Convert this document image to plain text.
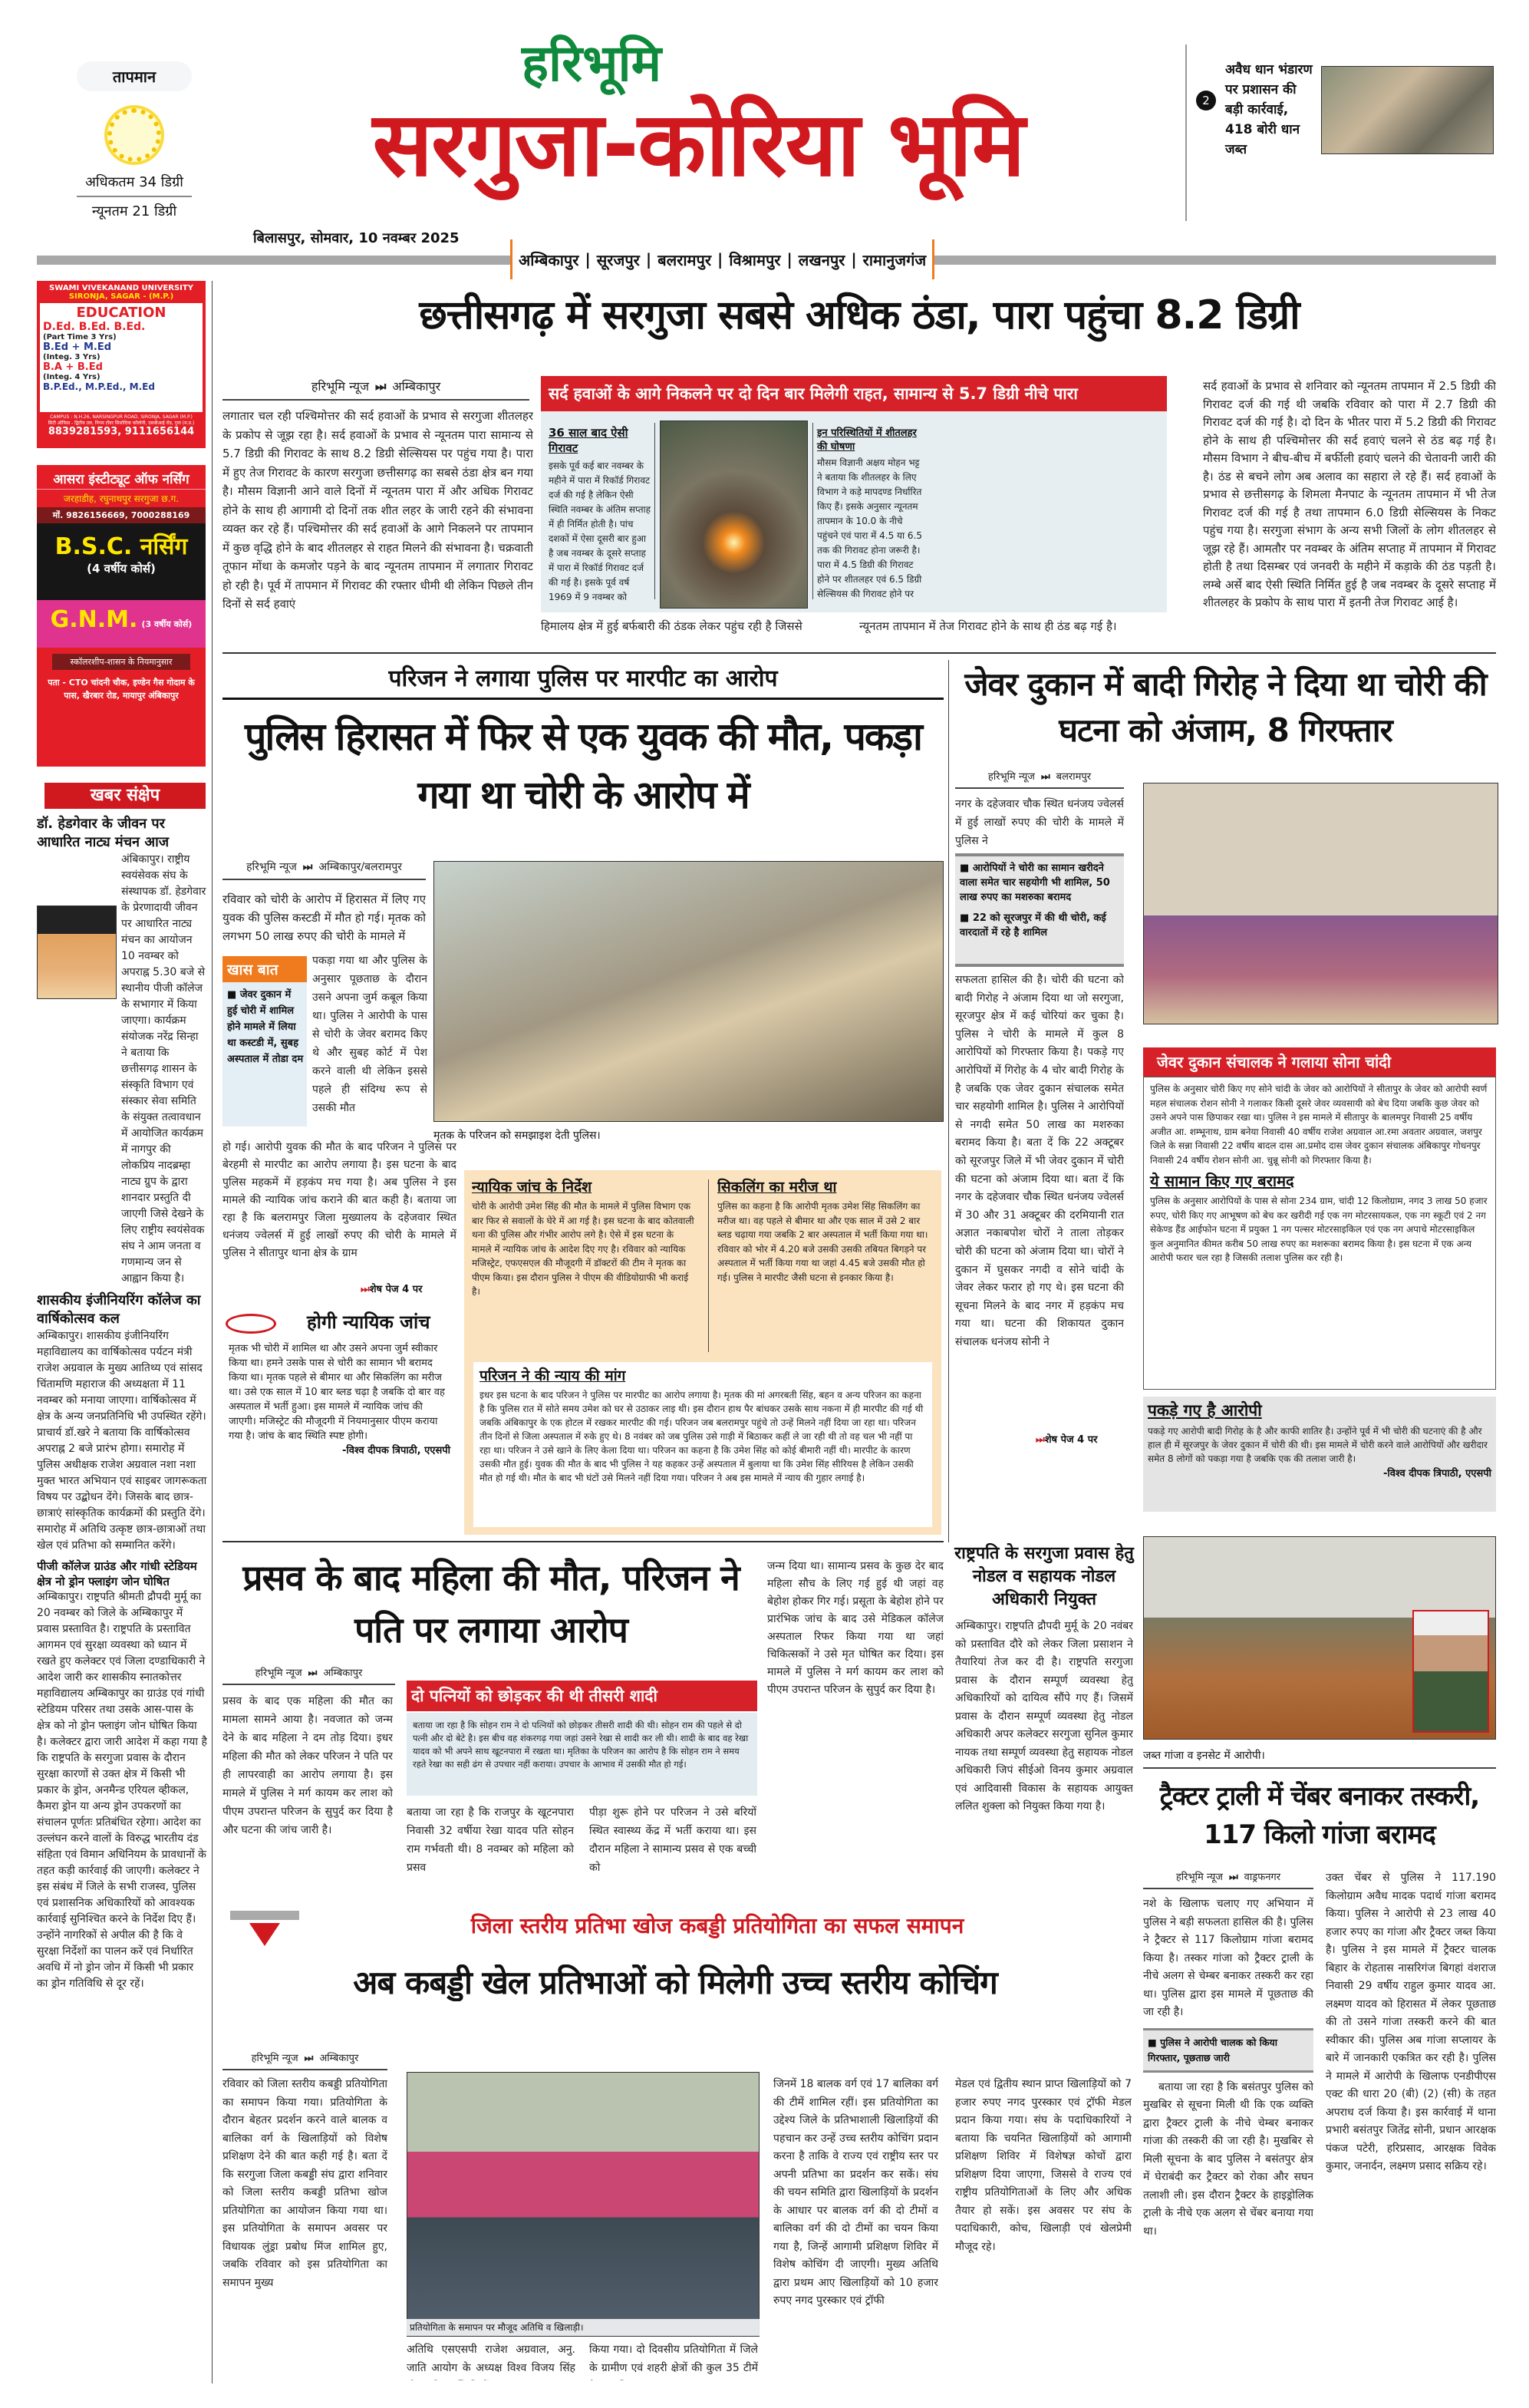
तापमान
अधिकतम 34 डिग्री
न्यूनतम 21 डिग्री
हरिभूमि
सरगुजा-कोरिया भूमि
बिलासपुर, सोमवार, 10 नवम्बर 2025
अम्बिकापुर | सूरजपुर | बलरामपुर | विश्रामपुर | लखनपुर | रामानुजगंज
2
अवैध धान भंडारण पर प्रशासन की बड़ी कार्रवाई, 418 बोरी धान जब्त
SWAMI VIVEKANAND UNIVERSITY
SIRONJA, SAGAR - (M.P.)
EDUCATION
D.Ed. B.Ed. B.Ed.
(Part Time 3 Yrs)
B.Ed + M.Ed
(Integ. 3 Yrs)
B.A + B.Ed
(Integ. 4 Yrs)
B.P.Ed., M.P.Ed., M.Ed
CAMPUS : N.H.26, NARSINGPUR ROAD, SIRONJA, SAGAR (M.P.)
सिटी ऑफिस - द्वितीय तल, निगम टॉवर सिसोदिया कॉलोनी, एसबीआई रोड, गुना (म.प्र.)
8839281593, 9111656144
आसरा इंस्टीट्यूट ऑफ नर्सिंग
जरहाडीह, रघुनाथपुर सरगुजा छ.ग.
मों. 9826156669, 7000288169
B.S.C. नर्सिंग
(4 वर्षीय कोर्स)
G.N.M. (3 वर्षीय कोर्स)
स्कॉलरशीप-शासन के नियमानुसार
पता - CTO चांदनी चौक, इण्डेन गैस गोदाम के पास, खैरबार रोड, मायापुर अंबिकापुर
खबर संक्षेप
डॉ. हेडगेवार के जीवन पर आधारित नाट्य मंचन आज
अंबिकापुर। राष्ट्रीय स्वयंसेवक संघ के संस्थापक डॉ. हेडगेवार के प्रेरणादायी जीवन पर आधारित नाट्य मंचन का आयोजन 10 नवम्बर को अपराह्न 5.30 बजे से स्थानीय पीजी कॉलेज के सभागार में किया जाएगा। कार्यक्रम संयोजक नरेंद्र सिन्हा ने बताया कि छत्तीसगढ़ शासन के संस्कृति विभाग एवं संस्कार सेवा समिति के संयुक्त तत्वावधान में आयोजित कार्यक्रम में नागपुर की लोकप्रिय नादब्रम्हा नाट्य ग्रुप के द्वारा शानदार प्रस्तुति दी जाएगी जिसे देखने के लिए राष्ट्रीय स्वयंसेवक संघ ने आम जनता व गणमान्य जन से आह्वान किया है।
शासकीय इंजीनियरिंग कॉलेज का वार्षिकोत्सव कल
अम्बिकापुर। शासकीय इंजीनियरिंग महाविद्यालय का वार्षिकोत्सव पर्यटन मंत्री राजेश अग्रवाल के मुख्य आतिथ्य एवं सांसद चिंतामणि महाराज की अध्यक्षता में 11 नवम्बर को मनाया जाएगा। वार्षिकोत्सव में क्षेत्र के अन्य जनप्रतिनिधि भी उपस्थित रहेंगे। प्राचार्य डॉ.खरे ने बताया कि वार्षिकोत्सव अपराह्न 2 बजे प्रारंभ होगा। समारोह में पुलिस अधीक्षक राजेश अग्रवाल नशा नशा मुक्त भारत अभियान एवं साइबर जागरूकता विषय पर उद्बोधन देंगे। जिसके बाद छात्र-छात्राएं सांस्कृतिक कार्यक्रमों की प्रस्तुति देंगे। समारोह में अतिथि उत्कृष्ट छात्र-छात्राओं तथा खेल एवं प्रतिभा को सम्मानित करेंगे।
पीजी कॉलेज ग्राउंड और गांधी स्टेडियम क्षेत्र नो ड्रोन फ्लाइंग जोन घोषित
अम्बिकापुर। राष्ट्रपति श्रीमती द्रौपदी मुर्मू का 20 नवम्बर को जिले के अम्बिकापुर में प्रवास प्रस्तावित है। राष्ट्रपति के प्रस्तावित आगमन एवं सुरक्षा व्यवस्था को ध्यान में रखते हुए कलेक्टर एवं जिला दण्डाधिकारी ने आदेश जारी कर शासकीय स्नातकोत्तर महाविद्यालय अम्बिकापुर का ग्राउंड एवं गांधी स्टेडियम परिसर तथा उसके आस-पास के क्षेत्र को नो ड्रोन फ्लाइंग जोन घोषित किया है। कलेक्टर द्वारा जारी आदेश में कहा गया है कि राष्ट्रपति के सरगुजा प्रवास के दौरान सुरक्षा कारणों से उक्त क्षेत्र में किसी भी प्रकार के ड्रोन, अनमैन्ड एरियल व्हीकल, कैमरा ड्रोन या अन्य ड्रोन उपकरणों का संचालन पूर्णतः प्रतिबंधित रहेगा। आदेश का उल्लंघन करने वालों के विरुद्ध भारतीय दंड संहिता एवं विमान अधिनियम के प्रावधानों के तहत कड़ी कार्रवाई की जाएगी। कलेक्टर ने इस संबंध में जिले के सभी राजस्व, पुलिस एवं प्रशासनिक अधिकारियों को आवश्यक कार्रवाई सुनिश्चित करने के निर्देश दिए हैं। उन्होंने नागरिकों से अपील की है कि वे सुरक्षा निर्देशों का पालन करें एवं निर्धारित अवधि में नो ड्रोन जोन में किसी भी प्रकार का ड्रोन गतिविधि से दूर रहें।
छत्तीसगढ़ में सरगुजा सबसे अधिक ठंडा, पारा पहुंचा 8.2 डिग्री
हरिभूमि न्यूज ⏭ अम्बिकापुर
लगातार चल रही पश्चिमोत्तर की सर्द हवाओं के प्रभाव से सरगुजा शीतलहर के प्रकोप से जूझ रहा है। सर्द हवाओं के प्रभाव से न्यूनतम पारा सामान्य से 5.7 डिग्री की गिरावट के साथ 8.2 डिग्री सेल्सियस पर पहुंच गया है। पारा में हुए तेज गिरावट के कारण सरगुजा छत्तीसगढ़ का सबसे ठंडा क्षेत्र बन गया है। मौसम विज्ञानी आने वाले दिनों में न्यूनतम पारा में और अधिक गिरावट होने के साथ ही आगामी दो दिनों तक शीत लहर के जारी रहने की संभावना व्यक्त कर रहे हैं। पश्चिमोत्तर की सर्द हवाओं के आगे निकलने पर तापमान में कुछ वृद्धि होने के बाद शीतलहर से राहत मिलने की संभावना है। चक्रवाती तूफान मोंथा के कमजोर पड़ने के बाद न्यूनतम तापमान में लगातार गिरावट हो रही है। पूर्व में तापमान में गिरावट की रफ्तार धीमी थी लेकिन पिछले तीन दिनों से सर्द हवाएं
सर्द हवाओं के आगे निकलने पर दो दिन बार मिलेगी राहत, सामान्य से 5.7 डिग्री नीचे पारा
36 साल बाद ऐसी गिरावट
इसके पूर्व कई बार नवम्बर के महीने में पारा में रिकॉर्ड गिरावट दर्ज की गई है लेकिन ऐसी स्थिति नवम्बर के अंतिम सप्ताह में ही निर्मित होती है। पांच दशकों में ऐसा दूसरी बार हुआ है जब नवम्बर के दूसरे सप्ताह में पारा में रिकॉर्ड गिरावट दर्ज की गई है। इसके पूर्व वर्ष 1969 में 9 नवम्बर को
इन परिस्थितियों में शीतलहर की घोषणा
मौसम विज्ञानी अक्षय मोहन भट्ट ने बताया कि शीतलहर के लिए विभाग ने कड़े मापदण्ड निर्धारित किए हैं। इसके अनुसार न्यूनतम तापमान के 10.0 के नीचे पहुंचने एवं पारा में 4.5 या 6.5 तक की गिरावट होना जरूरी है। पारा में 4.5 डिग्री की गिरावट होने पर शीतलहर एवं 6.5 डिग्री सेल्सियस की गिरावट होने पर
हिमालय क्षेत्र में हुई बर्फबारी की ठंडक लेकर पहुंच रही है जिससे	न्यूनतम तापमान में तेज गिरावट होने के साथ ही ठंड बढ़ गई है।
सर्द हवाओं के प्रभाव से शनिवार को न्यूनतम तापमान में 2.5 डिग्री की गिरावट दर्ज की गई थी जबकि रविवार को पारा में 2.7 डिग्री की गिरावट दर्ज की गई है। दो दिन के भीतर पारा में 5.2 डिग्री की गिरावट होने के साथ ही पश्चिमोत्तर की सर्द हवाएं चलने से ठंड बढ़ गई है। मौसम विभाग ने बीच-बीच में बर्फीली हवाएं चलने की चेतावनी जारी की है। ठंड से बचने लोग अब अलाव का सहारा ले रहे हैं। सर्द हवाओं के प्रभाव से छत्तीसगढ़ के शिमला मैनपाट के न्यूनतम तापमान में भी तेज गिरावट दर्ज की गई है तथा तापमान 6.0 डिग्री सेल्सियस के निकट पहुंच गया है। सरगुजा संभाग के अन्य सभी जिलों के लोग शीतलहर से जूझ रहे हैं। आमतौर पर नवम्बर के अंतिम सप्ताह में तापमान में गिरावट होती है तथा दिसम्बर एवं जनवरी के महीने में कड़ाके की ठंड पड़ती है। लम्बे अर्से बाद ऐसी स्थिति निर्मित हुई है जब नवम्बर के दूसरे सप्ताह में शीतलहर के प्रकोप के साथ पारा में इतनी तेज गिरावट आई है।
परिजन ने लगाया पुलिस पर मारपीट का आरोप
पुलिस हिरासत में फिर से एक युवक की मौत, पकड़ा गया था चोरी के आरोप में
हरिभूमि न्यूज ⏭ अम्बिकापुर/बलरामपुर
रविवार को चोरी के आरोप में हिरासत में लिए गए युवक की पुलिस कस्टडी में मौत हो गई। मृतक को लगभग 50 लाख रुपए की चोरी के मामले में
खास बात
■ जेवर दुकान में हुई चोरी में शामिल होने मामले में लिया था कस्टडी में, सुबह अस्पताल में तोडा दम
पकड़ा गया था और पुलिस के अनुसार पूछताछ के दौरान उसने अपना जुर्म कबूल किया था। पुलिस ने आरोपी के पास से चोरी के जेवर बरामद किए थे और सुबह कोर्ट में पेश करने वाली थी लेकिन इससे पहले ही संदिग्ध रूप से उसकी मौत
हो गई। आरोपी युवक की मौत के बाद परिजन ने पुलिस पर बेरहमी से मारपीट का आरोप लगाया है। इस घटना के बाद पुलिस महकमें में हड़कंप मच गया है। अब पुलिस ने इस मामले की न्यायिक जांच कराने की बात कही है। बताया जा रहा है कि बलरामपुर जिला मुख्यालय के दहेजवार स्थित धनंजय ज्वेलर्स में हुई लाखों रुपए की चोरी के मामले में पुलिस ने सीतापुर थाना क्षेत्र के ग्राम
⏭शेष पेज 4 पर
मृतक के परिजन को समझाइश देती पुलिस।
होगी न्यायिक जांच
मृतक भी चोरी में शामिल था और उसने अपना जुर्म स्वीकार किया था। हमने उसके पास से चोरी का सामान भी बरामद किया था। मृतक पहले से बीमार था और सिकलिंग का मरीज था। उसे एक साल में 10 बार ब्लड चढ़ा है जबकि दो बार वह अस्पताल में भर्ती हुआ। इस मामले में न्यायिक जांच की जाएगी। मजिस्ट्रेट की मौजूदगी में नियमानुसार पीएम कराया गया है। जांच के बाद स्थिति स्पष्ट होगी।
-विश्व दीपक त्रिपाठी, एएसपी
न्यायिक जांच के निर्देश
चोरी के आरोपी उमेश सिंह की मौत के मामले में पुलिस विभाग एक बार फिर से सवालों के घेरे में आ गई है। इस घटना के बाद कोतवाली थना की पुलिस और गंभीर आरोप लगे है। ऐसे में इस घटना के मामले में न्यायिक जांच के आदेश दिए गए है। रविवार को न्यायिक मजिस्ट्रेट, एफएसएल की मौजूदगी में डॉक्टरों की टीम ने मृतक का पीएम किया। इस दौरान पुलिस ने पीएम की वीडियोग्राफी भी कराई है।
सिकलिंग का मरीज था
पुलिस का कहना है कि आरोपी मृतक उमेश सिंह सिकलिंग का मरीज था। वह पहले से बीमार था और एक साल में उसे 2 बार ब्लड चढ़ाया गया जबकि 2 बार अस्पताल में भर्ती किया गया था। रविवार को भोर में 4.20 बजे उसकी उसकी तबियत बिगड़ने पर अस्पताल में भर्ती किया गया था जहां 4.45 बजे उसकी मौत हो गई। पुलिस ने मारपीट जैसी घटना से इनकार किया है।
परिजन ने की न्याय की मांग
इधर इस घटना के बाद परिजन ने पुलिस पर मारपीट का आरोप लगाया है। मृतक की मां अगरबती सिंह, बहन व अन्य परिजन का कहना है कि पुलिस रात में सोते समय उमेश को घर से उठाकर लाइ थी। इस दौरान हाथ पैर बांधकर उसके साथ नकना में ही मारपीट की गई थी जबकि अंबिकापुर के एक होटल में रखकर मारपीट की गई। परिजन जब बलरामपुर पहुंचे तो उन्हें मिलने नहीं दिया जा रहा था। परिजन तीन दिनों से जिला अस्पताल में रुके हुए थे। 8 नवंबर को जब पुलिस उसे गाड़ी में बिठाकर कहीं ले जा रही थी तो वह चल भी नहीं पा रहा था। परिजन ने उसे खाने के लिए केला दिया था। परिजन का कहना है कि उमेश सिंह को कोई बीमारी नहीं थी। मारपीट के कारण उसकी मौत हुई। युवक की मौत के बाद भी पुलिस ने यह कहकर उन्हें अस्पताल में बुलाया था कि उमेश सिंह सीरियस है लेकिन उसकी मौत हो गई थी। मौत के बाद भी घंटों उसे मिलने नहीं दिया गया। परिजन ने अब इस मामले में न्याय की गुहार लगाई है।
जेवर दुकान में बादी गिरोह ने दिया था चोरी की घटना को अंजाम, 8 गिरफ्तार
हरिभूमि न्यूज ⏭ बलरामपुर
नगर के दहेजवार चौक स्थित धनंजय ज्वेलर्स में हुई लाखों रुपए की चोरी के मामले में पुलिस ने
■ आरोपियों ने चोरी का सामान खरीदने वाला समेत चार सहयोगी भी शामिल, 50 लाख रुपए का मशरुका बरामद
■ 22 को सूरजपुर में की थी चोरी, कई वारदातों में रहे है शामिल
सफलता हासिल की है। चोरी की घटना को बादी गिरोह ने अंजाम दिया था जो सरगुजा, सूरजपुर क्षेत्र में कई चोरियां कर चुका है। पुलिस ने चोरी के मामले में कुल 8 आरोपियों को गिरफ्तार किया है। पकड़े गए आरोपियों में गिरोह के 4 चोर बादी गिरोह के है जबकि एक जेवर दुकान संचालक समेत चार सहयोगी शामिल है। पुलिस ने आरोपियों से नगदी समेत 50 लाख का मशरुका बरामद किया है। बता दें कि 22 अक्टूबर को सूरजपुर जिले में भी जेवर दुकान में चोरी की घटना को अंजाम दिया था। बता दें कि नगर के दहेजवार चौक स्थित धनंजय ज्वेलर्स में 30 और 31 अक्टूबर की दरमियानी रात अज्ञात नकाबपोश चोरों ने ताला तोड़कर चोरी की घटना को अंजाम दिया था। चोरों ने दुकान में घुसकर नगदी व सोने चांदी के जेवर लेकर फरार हो गए थे। इस घटना की सूचना मिलने के बाद नगर में हड़कंप मच गया था। घटना की शिकायत दुकान संचालक धनंजय सोनी ने
⏭शेष पेज 4 पर
जेवर दुकान संचालक ने गलाया सोना चांदी
पुलिस के अनुसार चोरी किए गए सोने चांदी के जेवर को आरोपियों ने सीतापुर के जेवर को आरोपी स्वर्ण महल संचालक रोशन सोनी ने गलाकर किसी दूसरे जेवर व्यवसायी को बेच दिया जबकि कुछ जेवर को उसने अपने पास छिपाकर रखा था। पुलिस ने इस मामले में सीतापुर के बालमपुर निवासी 25 वर्षीय अजीत आ. शम्भूनाथ, ग्राम बनेया निवासी 40 वर्षीय राजेश अग्रवाल आ.रमा अवतार अग्रवाल, जशपुर जिले के सन्ना निवासी 22 वर्षीय बादल दास आ.प्रमोद दास जेवर दुकान संचालक अंबिकापुर गोधनपुर निवासी 24 वर्षीय रोशन सोनी आ. चुन्नू सोनी को गिरफ्तार किया है।
ये सामान किए गए बरामद
पुलिस के अनुसार आरोपियों के पास से सोना 234 ग्राम, चांदी 12 किलोग्राम, नगद 3 लाख 50 हजार रुपए, चोरी किए गए आभूषण को बेच कर खरीदी गई एक नग मोटरसायकल, एक नग स्कूटी एवं 2 नग सेकेण्ड हैंड आईफोन घटना में प्रयुक्त 1 नग पल्सर मोटरसाइकिल एवं एक नग अपाचे मोटरसाइकिल कुल अनुमानित कीमत करीब 50 लाख रुपए का मशरूका बरामद किया है। इस घटना में एक अन्य आरोपी फरार चल रहा है जिसकी तलाश पुलिस कर रही है।
पकड़े गए है आरोपी
पकड़े गए आरोपी बादी गिरोह के है और काफी शातिर है। उन्होंने पूर्व में भी चोरी की घटनाएं की है और हाल ही में सूरजपुर के जेवर दुकान में चोरी की थी। इस मामले में चोरी करने वाले आरोपियों और खरीदार समेत 8 लोगों को पकड़ा गया है जबकि एक की तलाश जारी है।
-विश्व दीपक त्रिपाठी, एएसपी
प्रसव के बाद महिला की मौत, परिजन ने पति पर लगाया आरोप
हरिभूमि न्यूज ⏭ अम्बिकापुर
प्रसव के बाद एक महिला की मौत का मामला सामने आया है। नवजात को जन्म देने के बाद महिला ने दम तोड़ दिया। इधर महिला की मौत को लेकर परिजन ने पति पर ही लापरवाही का आरोप लगाया है। इस मामले में पुलिस ने मर्ग कायम कर लाश को पीएम उपरान्त परिजन के सुपुर्द कर दिया है और घटना की जांच जारी है।
दो पत्नियों को छोड़कर की थी तीसरी शादी
बताया जा रहा है कि सोहन राम ने दो पत्नियों को छोड़कर तीसरी शादी की थी। सोहन राम की पहले से दो पत्नी और दो बेटे है। इस बीच वह शंकरगढ़ गया जहां उसने रेखा से शादी कर ली थी। शादी के बाद वह रेखा यादव को भी अपने साथ खूटनपारा में रखता था। मृतिका के परिजन का आरोप है कि सोहन राम ने समय रहते रेखा का सही ढंग से उपचार नहीं कराया। उपचार के आभाव में उसकी मौत हो गई।
बताया जा रहा है कि राजपुर के खूटनपारा निवासी 32 वर्षीया रेखा यादव पति सोहन राम गर्भवती थी। 8 नवम्बर को महिला को प्रसव
पीड़ा शुरू होने पर परिजन ने उसे बरियों स्थित स्वास्थ्य केंद्र में भर्ती कराया था। इस दौरान महिला ने सामान्य प्रसव से एक बच्ची को
जन्म दिया था। सामान्य प्रसव के कुछ देर बाद महिला सौच के लिए गई हुई थी जहां वह बेहोश होकर गिर गई। प्रसूता के बेहोश होने पर प्रारंभिक जांच के बाद उसे मेडिकल कॉलेज अस्पताल रिफर किया गया था जहां चिकित्सकों ने उसे मृत घोषित कर दिया। इस मामले में पुलिस ने मर्ग कायम कर लाश को पीएम उपरान्त परिजन के सुपुर्द कर दिया है।
राष्ट्रपति के सरगुजा प्रवास हेतु नोडल व सहायक नोडल अधिकारी नियुक्त
अम्बिकापुर। राष्ट्रपति द्रौपदी मुर्मू के 20 नवंबर को प्रस्तावित दौरे को लेकर जिला प्रसाशन ने तैयारियां तेज कर दी है। राष्ट्रपति सरगुजा प्रवास के दौरान सम्पूर्ण व्यवस्था हेतु अधिकारियों को दायित्व सौंपे गए हैं। जिसमें प्रवास के दौरान सम्पूर्ण व्यवस्था हेतु नोडल अधिकारी अपर कलेक्टर सरगुजा सुनिल कुमार नायक तथा सम्पूर्ण व्यवस्था हेतु सहायक नोडल अधिकारी जिपं सीईओ विनय कुमार अग्रवाल एवं आदिवासी विकास के सहायक आयुक्त ललित शुक्ला को नियुक्त किया गया है।
जब्त गांजा व इनसेट में आरोपी।
ट्रैक्टर ट्राली में चेंबर बनाकर तस्करी, 117 किलो गांजा बरामद
हरिभूमि न्यूज ⏭ वाड्रफनगर
नशे के खिलाफ चलाए गए अभियान में पुलिस ने बड़ी सफलता हासिल की है। पुलिस ने ट्रैक्टर से 117 किलोग्राम गांजा बरामद किया है। तस्कर गांजा को ट्रैक्टर ट्राली के नीचे अलग से चेम्बर बनाकर तस्करी कर रहा था। पुलिस द्वारा इस मामले में पूछताछ की जा रही है।
■ पुलिस ने आरोपी चालक को किया गिरफ्तार, पूछताछ जारी
बताया जा रहा है कि बसंतपुर पुलिस को मुखबिर से सूचना मिली थी कि एक व्यक्ति द्वारा ट्रैक्टर ट्राली के नीचे चेम्बर बनाकर गांजा की तस्करी की जा रही है। मुखबिर से मिली सूचना के बाद पुलिस ने बसंतपुर क्षेत्र में घेराबंदी कर ट्रैक्टर को रोका और सघन तलाशी ली। इस दौरान ट्रैक्टर के हाइड्रोलिक ट्राली के नीचे एक अलग से चेंबर बनाया गया था।
उक्त चेंबर से पुलिस ने 117.190 किलोग्राम अवैध मादक पदार्थ गांजा बरामद किया। पुलिस ने आरोपी से 23 लाख 40 हजार रुपए का गांजा और ट्रैक्टर जब्त किया है। पुलिस ने इस मामले में ट्रैक्टर चालक बिहार के रोहतास नासरिगंज बिगहां वंशराज निवासी 29 वर्षीय राहुल कुमार यादव आ. लक्ष्मण यादव को हिरासत में लेकर पूछताछ की तो उसने गांजा तस्करी करने की बात स्वीकार की। पुलिस अब गांजा सप्लायर के बारे में जानकारी एकत्रित कर रही है। पुलिस ने मामले में आरोपी के खिलाफ एनडीपीएस एक्ट की धारा 20 (बी) (2) (सी) के तहत अपराध दर्ज किया है। इस कार्रवाई में थाना प्रभारी बसंतपुर जितेंद्र सोनी, प्रधान आरक्षक पंकज पटेरी, हरिप्रसाद, आरक्षक विवेक कुमार, जनार्दन, लक्ष्मण प्रसाद सक्रिय रहे।
जिला स्तरीय प्रतिभा खोज कबड्डी प्रतियोगिता का सफल समापन
अब कबड्डी खेल प्रतिभाओं को मिलेगी उच्च स्तरीय कोचिंग
हरिभूमि न्यूज ⏭ अम्बिकापुर
रविवार को जिला स्तरीय कबड्डी प्रतियोगिता का समापन किया गया। प्रतियोगिता के दौरान बेहतर प्रदर्शन करने वाले बालक व बालिका वर्ग के खिलाड़ियों को विशेष प्रशिक्षण देने की बात कही गई है। बता दें कि सरगुजा जिला कबड्डी संघ द्वारा शनिवार को जिला स्तरीय कबड्डी प्रतिभा खोज प्रतियोगिता का आयोजन किया गया था। इस प्रतियोगिता के समापन अवसर पर विधायक लुंड्रा प्रबोध मिंज शामिल हुए, जबकि रविवार को इस प्रतियोगिता का समापन मुख्य
अतिथि एसएसपी राजेश अग्रवाल, अनु. जाति आयोग के अध्यक्ष विश्व विजय सिंह
किया गया। दो दिवसीय प्रतियोगिता में जिले के ग्रामीण एवं शहरी क्षेत्रों की कुल 35 टीमें
जिनमें 18 बालक वर्ग एवं 17 बालिका वर्ग की टीमें शामिल रहीं। इस प्रतियोगिता का उद्देश्य जिले के प्रतिभाशाली खिलाड़ियों की पहचान कर उन्हें उच्च स्तरीय कोचिंग प्रदान करना है ताकि वे राज्य एवं राष्ट्रीय स्तर पर अपनी प्रतिभा का प्रदर्शन कर सकें। संघ की चयन समिति द्वारा खिलाड़ियों के प्रदर्शन के आधार पर बालक वर्ग की दो टीमों व बालिका वर्ग की दो टीमों का चयन किया गया है, जिन्हें आगामी प्रशिक्षण शिविर में विशेष कोचिंग दी जाएगी। मुख्य अतिथि द्वारा प्रथम आए खिलाड़ियों को 10 हजार रुपए नगद पुरस्कार एवं ट्रॉफी
मेडल एवं द्वितीय स्थान प्राप्त खिलाड़ियों को 7 हजार रुपए नगद पुरस्कार एवं ट्रॉफी मेडल प्रदान किया गया। संघ के पदाधिकारियों ने बताया कि चयनित खिलाड़ियों को आगामी प्रशिक्षण शिविर में विशेषज्ञ कोचों द्वारा प्रशिक्षण दिया जाएगा, जिससे वे राज्य एवं राष्ट्रीय प्रतियोगिताओं के लिए और अधिक तैयार हो सकें। इस अवसर पर संघ के पदाधिकारी, कोच, खिलाड़ी एवं खेलप्रेमी मौजूद रहे।
प्रतियोगिता के समापन पर मौजूद अतिथि व खिलाड़ी।
